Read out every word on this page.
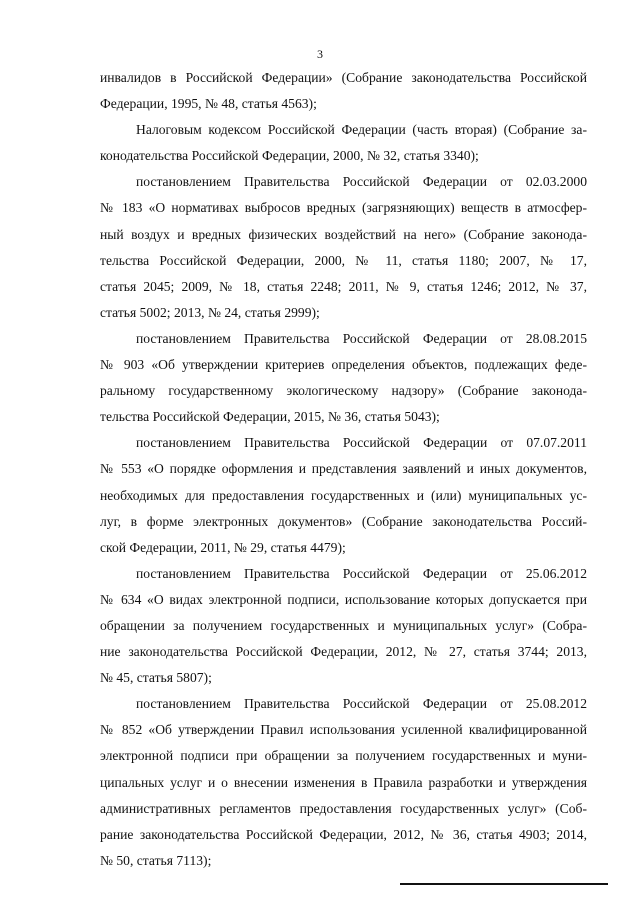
3
инвалидов в Российской Федерации» (Собрание законодательства Российской
Федерации, 1995, № 48, статья 4563);
Налоговым кодексом Российской Федерации (часть вторая) (Собрание за-
конодательства Российской Федерации, 2000, № 32, статья 3340);
постановлением Правительства Российской Федерации от 02.03.2000
№ 183 «О нормативах выбросов вредных (загрязняющих) веществ в атмосфер-
ный воздух и вредных физических воздействий на него» (Собрание законода-
тельства Российской Федерации, 2000, № 11, статья 1180; 2007, № 17,
статья 2045; 2009, № 18, статья 2248; 2011, № 9, статья 1246; 2012, № 37,
статья 5002; 2013, № 24, статья 2999);
постановлением Правительства Российской Федерации от 28.08.2015
№ 903 «Об утверждении критериев определения объектов, подлежащих феде-
ральному государственному экологическому надзору» (Собрание законода-
тельства Российской Федерации, 2015, № 36, статья 5043);
постановлением Правительства Российской Федерации от 07.07.2011
№ 553 «О порядке оформления и представления заявлений и иных документов,
необходимых для предоставления государственных и (или) муниципальных ус-
луг, в форме электронных документов» (Собрание законодательства Россий-
ской Федерации, 2011, № 29, статья 4479);
постановлением Правительства Российской Федерации от 25.06.2012
№ 634 «О видах электронной подписи, использование которых допускается при
обращении за получением государственных и муниципальных услуг» (Собра-
ние законодательства Российской Федерации, 2012, № 27, статья 3744; 2013,
№ 45, статья 5807);
постановлением Правительства Российской Федерации от 25.08.2012
№ 852 «Об утверждении Правил использования усиленной квалифицированной
электронной подписи при обращении за получением государственных и муни-
ципальных услуг и о внесении изменения в Правила разработки и утверждения
административных регламентов предоставления государственных услуг» (Соб-
рание законодательства Российской Федерации, 2012, № 36, статья 4903; 2014,
№ 50, статья 7113);
